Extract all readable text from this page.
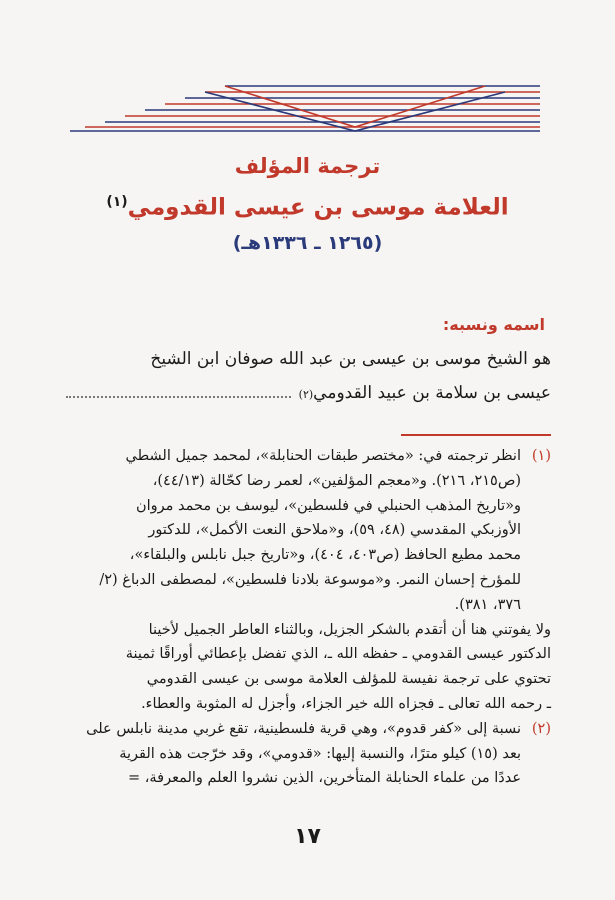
ترجمة المؤلف
العلامة موسى بن عيسى القدومي$^{(١)}$
(١٢٦٥ ـ ١٣٣٦هـ)
اسمه ونسبه:
هو الشيخ موسى بن عيسى بن عبد الله صوفان ابن الشيخ
عيسى بن سلامة بن عبيد القدومي
(٢)
(١)
انظر ترجمته في: «مختصر طبقات الحنابلة»، لمحمد جميل الشطي
(ص٢١٥، ٢١٦). و«معجم المؤلفين»، لعمر رضا كحّالة (٤٤/١٣)،
و«تاريخ المذهب الحنبلي في فلسطين»، ليوسف بن محمد مروان
الأوزبكي المقدسي (٤٨، ٥٩)، و«ملاحق النعت الأكمل»، للدكتور
محمد مطيع الحافظ (ص٤٠٣، ٤٠٤)، و«تاريخ جبل نابلس والبلقاء»،
للمؤرخ إحسان النمر. و«موسوعة بلادنا فلسطين»، لمصطفى الدباغ (٢/
٣٧٦، ٣٨١).
ولا يفوتني هنا أن أتقدم بالشكر الجزيل، وبالثناء العاطر الجميل لأخينا
الدكتور عيسى القدومي ـ حفظه الله ـ، الذي تفضل بإعطائي أوراقًا ثمينة
تحتوي على ترجمة نفيسة للمؤلف العلامة موسى بن عيسى القدومي
ـ رحمه الله تعالى ـ فجزاه الله خير الجزاء، وأجزل له المثوبة والعطاء.
(٢)
نسبة إلى «كفر قدوم»، وهي قرية فلسطينية، تقع غربي مدينة نابلس على
بعد (١٥) كيلو مترًا، والنسبة إليها: «قدومي»، وقد خرّجت هذه القرية
عددًا من علماء الحنابلة المتأخرين، الذين نشروا العلم والمعرفة، =
١٧
